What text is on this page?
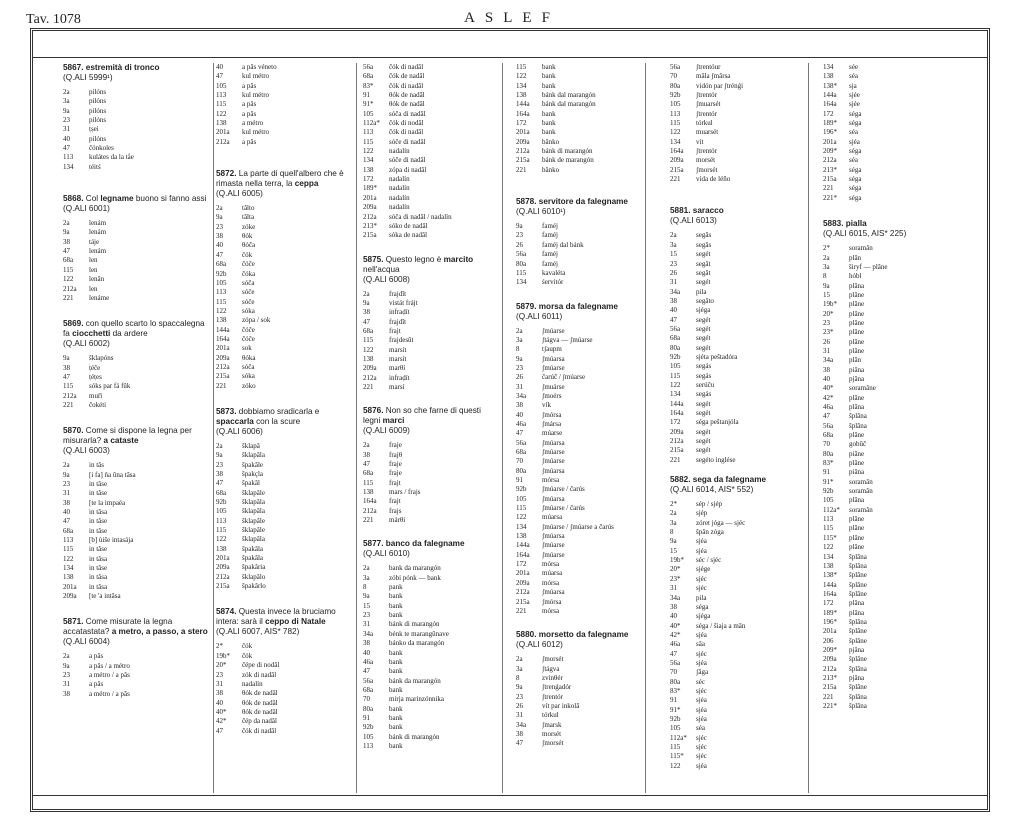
Tav. 1078	ASLEF
5867. estremità di tronco
(Q.ALI 5999¹)
2a	pilóns
3a	pilóns
9a	pilóns
23	pilóns
31	ṭ́ṣei
40	pilóns
47	čónkoles
113	kulátes da la tǻe
134	téitś
5868. Col legname buono si fanno assi
(Q.ALI 6001)
2a	lenám
9a	lenám
38	táje
47	lenám
68a	len
115	len
122	lenãn
212a	len
221	lenáme
5869. con quello scarto lo spaccalegna fa ciocchetti da ardere
(Q.ALI 6002)
9a	šklapóns
38	ṭ́éče
47	ṭ́éṭes
115	sóks par fá fûk
212a	mur̄i
221	čokéti
5870. Come si dispone la legna per misurarla? a cataste
(Q.ALI 6003)
2a	in tâs
9a	[i fa] n̄a ûna tâsa
23	in tâse
31	in tâse
38	[te la impaéa
40	in tâsa
47	in tâse
68a	in tâse
113	[b] ùiše intasája
115	in tâse
122	in tâsa
134	in tâse
138	in tâsa
201a	in tâsa
209a	[te 'a intâsa
5871. Come misurate la legna accatastata? a metro, a passo, a stero
(Q.ALI 6004)
2a	a pâs
9a	a pâs / a métro
23	a métro / a pâs
31	a pâs
38	a métro / a pâs
40	a pâs véneto
47	kul métro
105	a pâs
113	kul métro
115	a pâs
122	a pâs
138	a métro
201a	kul métro
212a	a pâs
5872. La parte di quell'albero che è rimasta nella terra, la ceppa
(Q.ALI 6005)
2a	tâlto
9a	tâlta
23	zóke
38	θók
40	θóča
47	čók
68a	čóče
92b	čóka
105	sóča
113	sóče
115	sóče
122	sóka
138	zópa / sok
144a	čóče
164a	čóče
201a	sok
209a	θóka
212a	sóča
215a	sóka
221	zóko
5873. dobbiamo sradicarla e spaccarla con la scure
(Q.ALI 6006)
2a	šklapâ
9a	šklapâla
23	špakâle
38	špakçla
47	špakâl
68a	šklapâle
92b	šklapâla
105	šklapâla
113	šklapâle
115	šklapâle
122	šklapâla
138	špakâla
201a	špakâla
209a	špakâria
212a	šklapâlo
215a	špakârlo
5874. Questa invece la bruciamo intera: sarà il ceppo di Natale
(Q.ALI 6007, AIS* 782)
2*	čók
19b*	čók
20*	čépe di nodâl
23	zók di nadâl
31	nadalín
38	θók de nadâl
40	θók de nadâl
40*	θók de nadâl
42*	čép da nadâl
47	čók di nadâl
56a	čók di nadâl
68a	čók de nadâl
83*	čók di nadâl
91	θók de nadâl
91*	θók de nadâl
105	sóča di nadâl
112a*	čók di nodâl
113	čók di nadâl
115	sóče di nadâl
122	nadalín
134	sóče di nadâl
138	zópa di nadâl
172	nadalín
189*	nadalín
201a	nadalín
209a	nadalín
212a	sóča di nadâl / nadalín
213*	sóko de nadâl
215a	sóka de nadâl
5875. Questo legno è marcito nell'acqua
(Q.ALI 6008)
2a	frajdît
9a	vistát frájt
38	infraḍít
47	frajdît
68a	frajt
115	frajdesût
122	marsít
138	marsít
209a	marθí
212a	infraḍít
221	marsí
5876. Non so che farne di questi legni marci
(Q.ALI 6009)
2a	fraje
38	frajθ
47	fraje
68a	fraje
115	frajt
138	mars / frajs
164a	frajt
212a	frajs
221	márθi
5877. banco da falegname
(Q.ALI 6010)
2a	bank da marangón
3a	zóbi pónk — bank
8	pank
9a	bank
15	bank
23	bank
31	bánk di marangón
34a	bénk te marangûnave
38	bánko da marangón
40	bank
46a	bank
47	bank
56a	bánk da marangón
68a	bank
70	mirja marinzónnika
80a	bank
91	bank
92b	bank
105	bánk di marangón
113	bank
115	bank
122	bank
134	bank
138	bánk dal marangón
144a	bánk dal marangón
164a	bank
172	bank
201a	bank
209a	bânko
212a	bánk di marangón
215a	bánk de marangón
221	bânko
5878. servitore da falegname
(Q.ALI 6010¹)
9a	faméj
23	faméj
26	faméj dal bánk
56a	faméj
80a	faméj
115	kavaléta
134	śervitór
5879. morsa da falegname
(Q.ALI 6011)
2a	ʃmúarse
3a	ʃtágva — ʃmúarse
8	tʃaupm
9a	ʃmúarsa
23	ʃmúarse
26	čarúč / ʃmúarse
31	ʃmuárse
34a	ʃmoérs
38	vík
40	ʃmórsa
46a	ʃmársa
47	múarse
56a	ʃmúarsa
68a	ʃmúarse
70	ʃmúarse
80a	ʃmúarsa
91	mórsa
92b	ʃmúarse / čarús
105	ʃmúarsa
115	ʃmúarse / čarús
122	múarsa
134	ʃmúarse / ʃmúarse a čarús
138	ʃmúarsa
144a	ʃmúarse
164a	ʃmúarse
172	mórsa
201a	múarsa
209a	mórsa
212a	ʃmúarsa
215a	ʃmórsa
221	mórsa
5880. morsetto da falegname
(Q.ALI 6012)
2a	ʃmorsét
3a	ʃtágva
8	zvinθér
9a	ʃtrenǵadór
23	ʃtrentór
26	vít par inkolâ
31	tórkul
34a	ʃmarsk
38	morsét
47	ʃmorsét
56a	ʃtrentóur
70	mâla ʃmârsa
80a	vidón par ʃtrénǵi
92b	ʃtrentór
105	ʃmuarsét
113	ʃtrentór
115	tórkul
122	muarsét
134	vít
164a	ʃtrentór
209a	morsét
215a	ʃmorsét
221	vída de léño
5881. saracco
(Q.ALI 6013)
2a	segâs
3a	segâs
15	segét
23	segât
26	segât
31	segét
34a	pila
38	segâto
40	sjéga
47	segét
56a	segét
68a	segét
80a	segét
92b	sjéta peštadóra
105	segás
115	segás
122	serúču
134	segás
144a	segét
164a	segét
172	séga peštanjóla
209a	segét
212a	segét
215a	segét
221	segéto inglése
5882. sega da falegname
(Q.ALI 6014, AIS* 552)
2*	sép / sjép
2a	sjép
3a	zóret jóga — sjéc
8	špân zóga
9a	sjéa
15	sjéa
19b*	séc / sjéc
20*	sjége
23*	sjéc
31	sjéc
34a	pila
38	séga
40	sjéga
40*	séga / šiaja a mân
42*	sjéa
46a	sâa
47	sjéc
56a	sjéa
70	ʃâga
80a	séc
83*	sjéc
91	sjéa
91*	sjéa
92b	sjéa
105	séa
112a*	sjéc
115	sjéc
115*	sjéc
122	sjéa
134	sée
138	séa
138*	sja
144a	sjée
164a	sjée
172	séga
189*	séga
196*	séa
201a	sjéa
209*	séga
212a	séa
213*	séga
215a	séga
221	séga
221*	séga
5883. pialla
(Q.ALI 6015, AIS* 225)
2*	soramân
2a	plân
3a	ŝiryf — plâne
8	hóbl
9a	plâna
15	plâne
19b*	plâne
20*	plâne
23	plâne
23*	plâne
26	plâne
31	plâne
34a	plân
38	piâna
40	pjâna
40*	soramâne
42*	plâne
46a	plâna
47	šplâna
56a	šplâna
68a	plâne
70	gobûč
80a	piâne
83*	plâne
91	piâna
91*	soramân
92b	soramân
105	plâna
112a*	soramân
113	plâne
115	plâne
115*	plâne
122	plâne
134	šplâna
138	šplâna
138*	šplâne
144a	šplâne
164a	šplâne
172	plâna
189*	plâna
196*	šplâna
201a	šplâne
206	šplâne
209*	pjâna
209a	šplâne
212a	šplâna
213*	pjâna
215a	šplâne
221	šplâna
221*	šplâna
